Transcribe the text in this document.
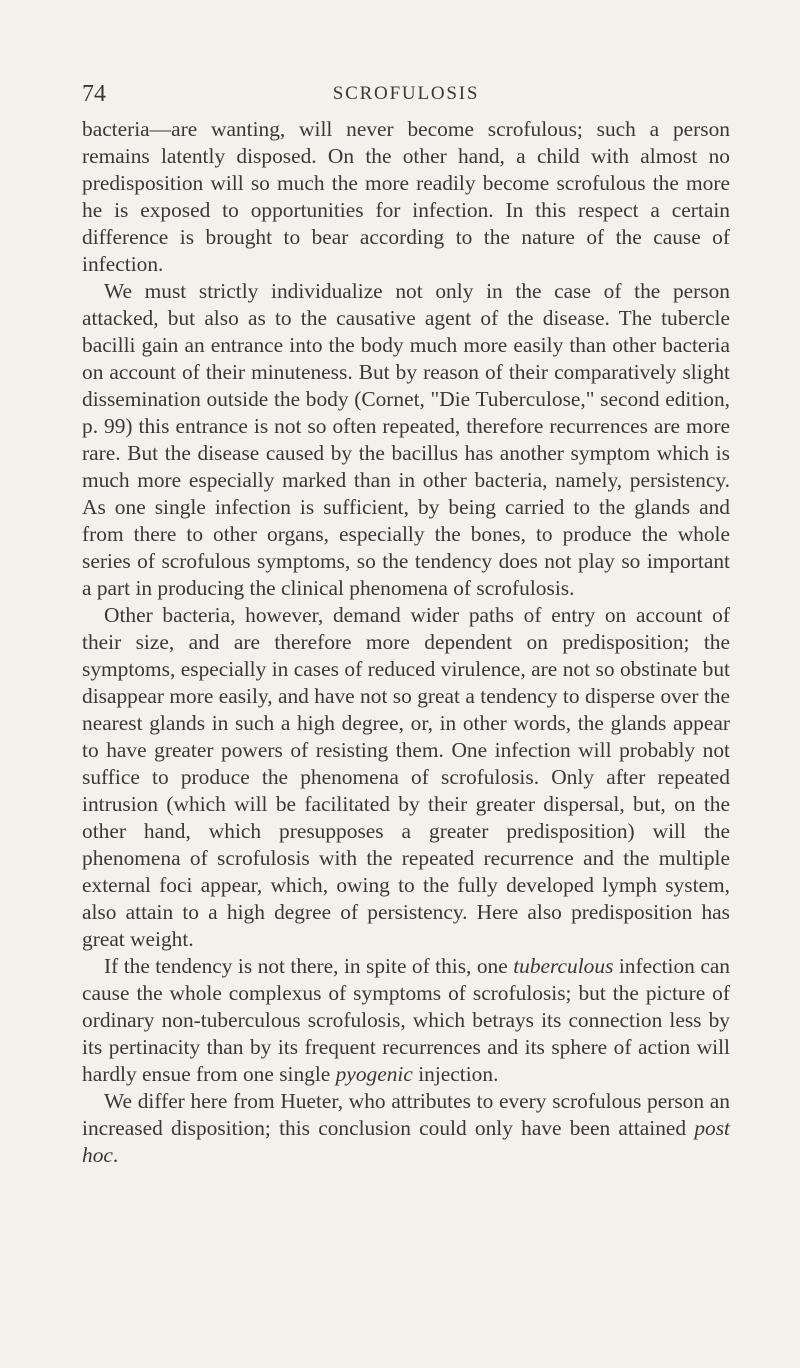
74	SCROFULOSIS

bacteria—are wanting, will never become scrofulous; such a person remains latently disposed. On the other hand, a child with almost no predisposition will so much the more readily become scrofulous the more he is exposed to opportunities for infection. In this respect a certain difference is brought to bear according to the nature of the cause of infection.

We must strictly individualize not only in the case of the person attacked, but also as to the causative agent of the disease. The tubercle bacilli gain an entrance into the body much more easily than other bacteria on account of their minuteness. But by reason of their comparatively slight dissemination outside the body (Cornet, "Die Tuberculose," second edition, p. 99) this entrance is not so often repeated, therefore recurrences are more rare. But the disease caused by the bacillus has another symptom which is much more especially marked than in other bacteria, namely, persistency. As one single infection is sufficient, by being carried to the glands and from there to other organs, especially the bones, to produce the whole series of scrofulous symptoms, so the tendency does not play so important a part in producing the clinical phenomena of scrofulosis.

Other bacteria, however, demand wider paths of entry on account of their size, and are therefore more dependent on predisposition; the symptoms, especially in cases of reduced virulence, are not so obstinate but disappear more easily, and have not so great a tendency to disperse over the nearest glands in such a high degree, or, in other words, the glands appear to have greater powers of resisting them. One infection will probably not suffice to produce the phenomena of scrofulosis. Only after repeated intrusion (which will be facilitated by their greater dispersal, but, on the other hand, which presupposes a greater predisposition) will the phenomena of scrofulosis with the repeated recurrence and the multiple external foci appear, which, owing to the fully developed lymph system, also attain to a high degree of persistency. Here also predisposition has great weight.

If the tendency is not there, in spite of this, one tuberculous infection can cause the whole complexus of symptoms of scrofulosis; but the picture of ordinary non-tuberculous scrofulosis, which betrays its connection less by its pertinacity than by its frequent recurrences and its sphere of action will hardly ensue from one single pyogenic injection.

We differ here from Hueter, who attributes to every scrofulous person an increased disposition; this conclusion could only have been attained post hoc.
